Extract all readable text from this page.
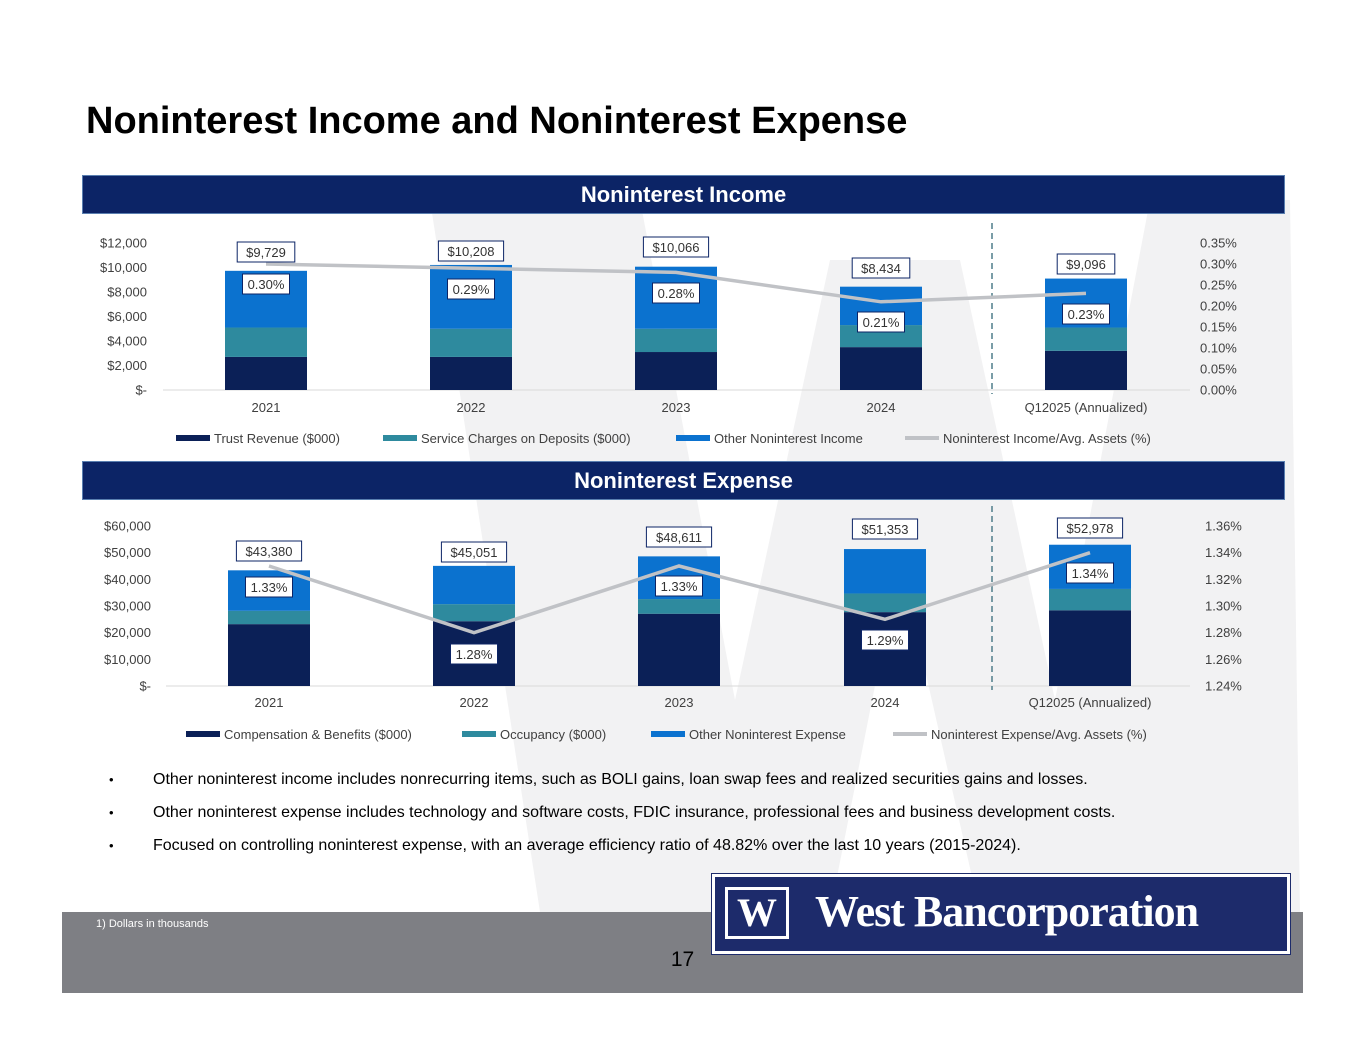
Noninterest Income and Noninterest Expense
Noninterest Income
$-
$2,000
$4,000
$6,000
$8,000
$10,000
$12,000
0.00%
0.05%
0.10%
0.15%
0.20%
0.25%
0.30%
0.35%
2021	2022	2023	2024	Q12025 (Annualized)
$9,729	$10,208	$10,066
$8,434	$9,096
0.30%	0.29%	0.28%
0.21%
0.23%
Trust Revenue ($000)	Service Charges on Deposits ($000)	Other Noninterest Income	Noninterest Income/Avg. Assets (%)
Noninterest Expense
$-
$10,000
$20,000
$30,000
$40,000
$50,000
$60,000
1.24%
1.26%
1.28%
1.30%
1.32%
1.34%
1.36%
2021	2022	2023	2024	Q12025 (Annualized)
$43,380	$45,051
$48,611
$51,353	$52,978
1.33%
1.28%
1.33%
1.29%
1.34%
Compensation & Benefits ($000)	Occupancy ($000)	Other Noninterest Expense	Noninterest Expense/Avg. Assets (%)
• Other noninterest income includes nonrecurring items, such as BOLI gains, loan swap fees and realized securities gains and losses.
• Other noninterest expense includes technology and software costs, FDIC insurance, professional fees and business development costs.
• Focused on controlling noninterest expense, with an average efficiency ratio of 48.82% over the last 10 years (2015-2024).
1) Dollars in thousands
17
W West Bancorporation
